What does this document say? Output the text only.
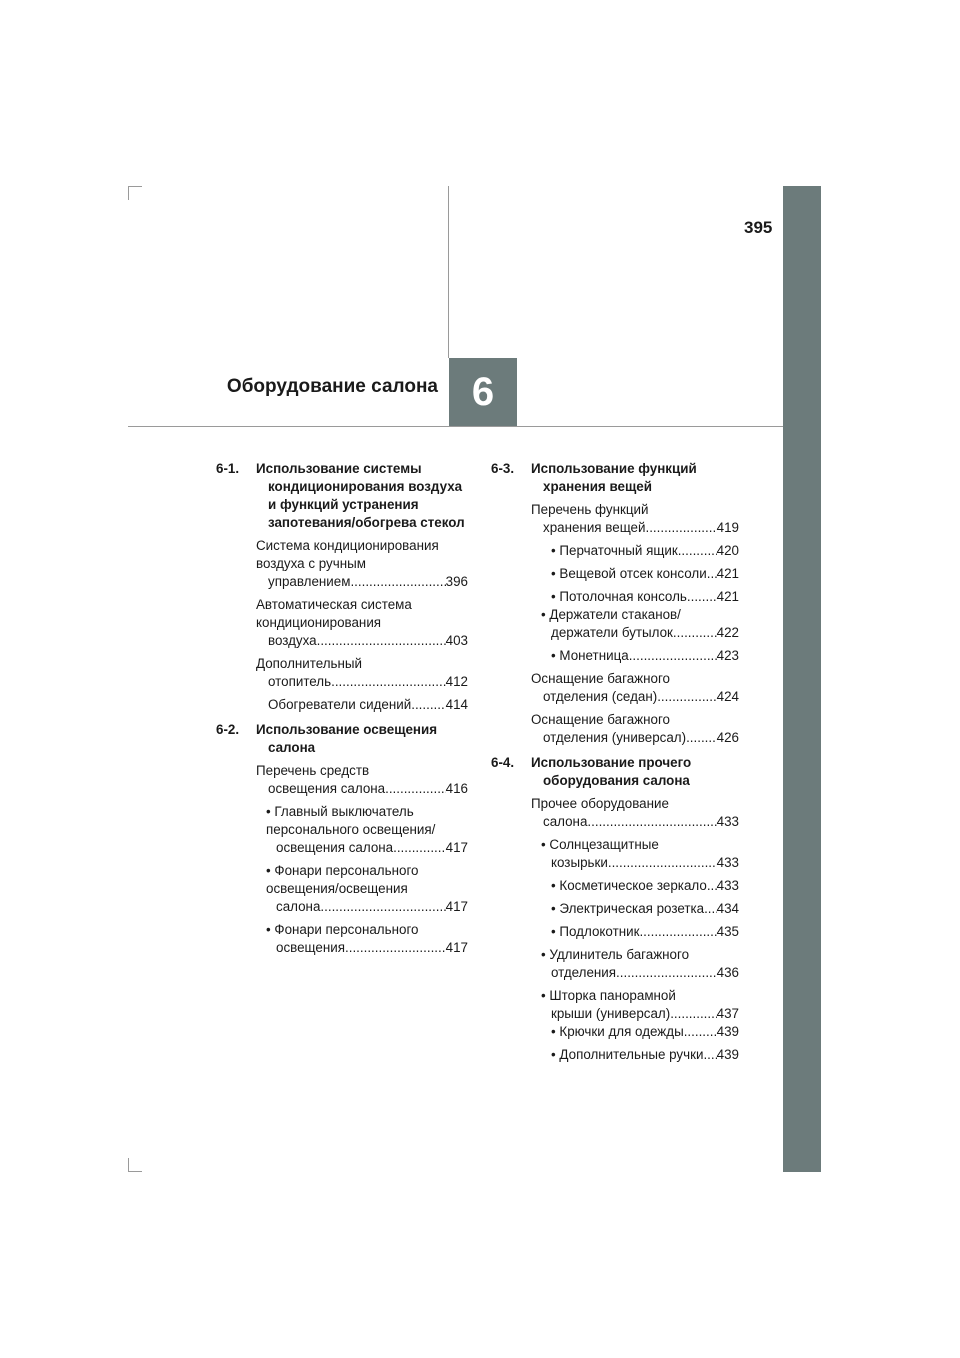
395
Оборудование салона 6
6-1. Использование системы
кондиционирования воздуха
и функций устранения
запотевания/обогрева стекол
Система кондиционирования
воздуха с ручным
управлением .....	396
Автоматическая система
кондиционирования
воздуха .....	403
Дополнительный
отопитель .....	412
Обогреватели сидений .....	414
6-2. Использование освещения
салона
Перечень средств
освещения салона .....	416
• Главный выключатель
персонального освещения/
освещения салона .....	417
• Фонари персонального
освещения/освещения
салона .....	417
• Фонари персонального
освещения .....	417
6-3. Использование функций
хранения вещей
Перечень функций
хранения вещей .....	419
• Перчаточный ящик .....	420
• Вещевой отсек консоли ..... 421
• Потолочная консоль ..... 421
• Держатели стаканов/
держатели бутылок .....	422
• Монетница .....	423
Оснащение багажного
отделения (седан) .....	424
Оснащение багажного
отделения (универсал) ..... 426
6-4. Использование прочего
оборудования салона
Прочее оборудование
салона .....	433
• Солнцезащитные
козырьки .....	433
• Косметическое зеркало ..... 433
• Электрическая розетка ..... 434
• Подлокотник .....	435
• Удлинитель багажного
отделения .....	436
• Шторка панорамной
крыши (универсал) .....	437
• Крючки для одежды ..... 439
• Дополнительные ручки ..... 439
